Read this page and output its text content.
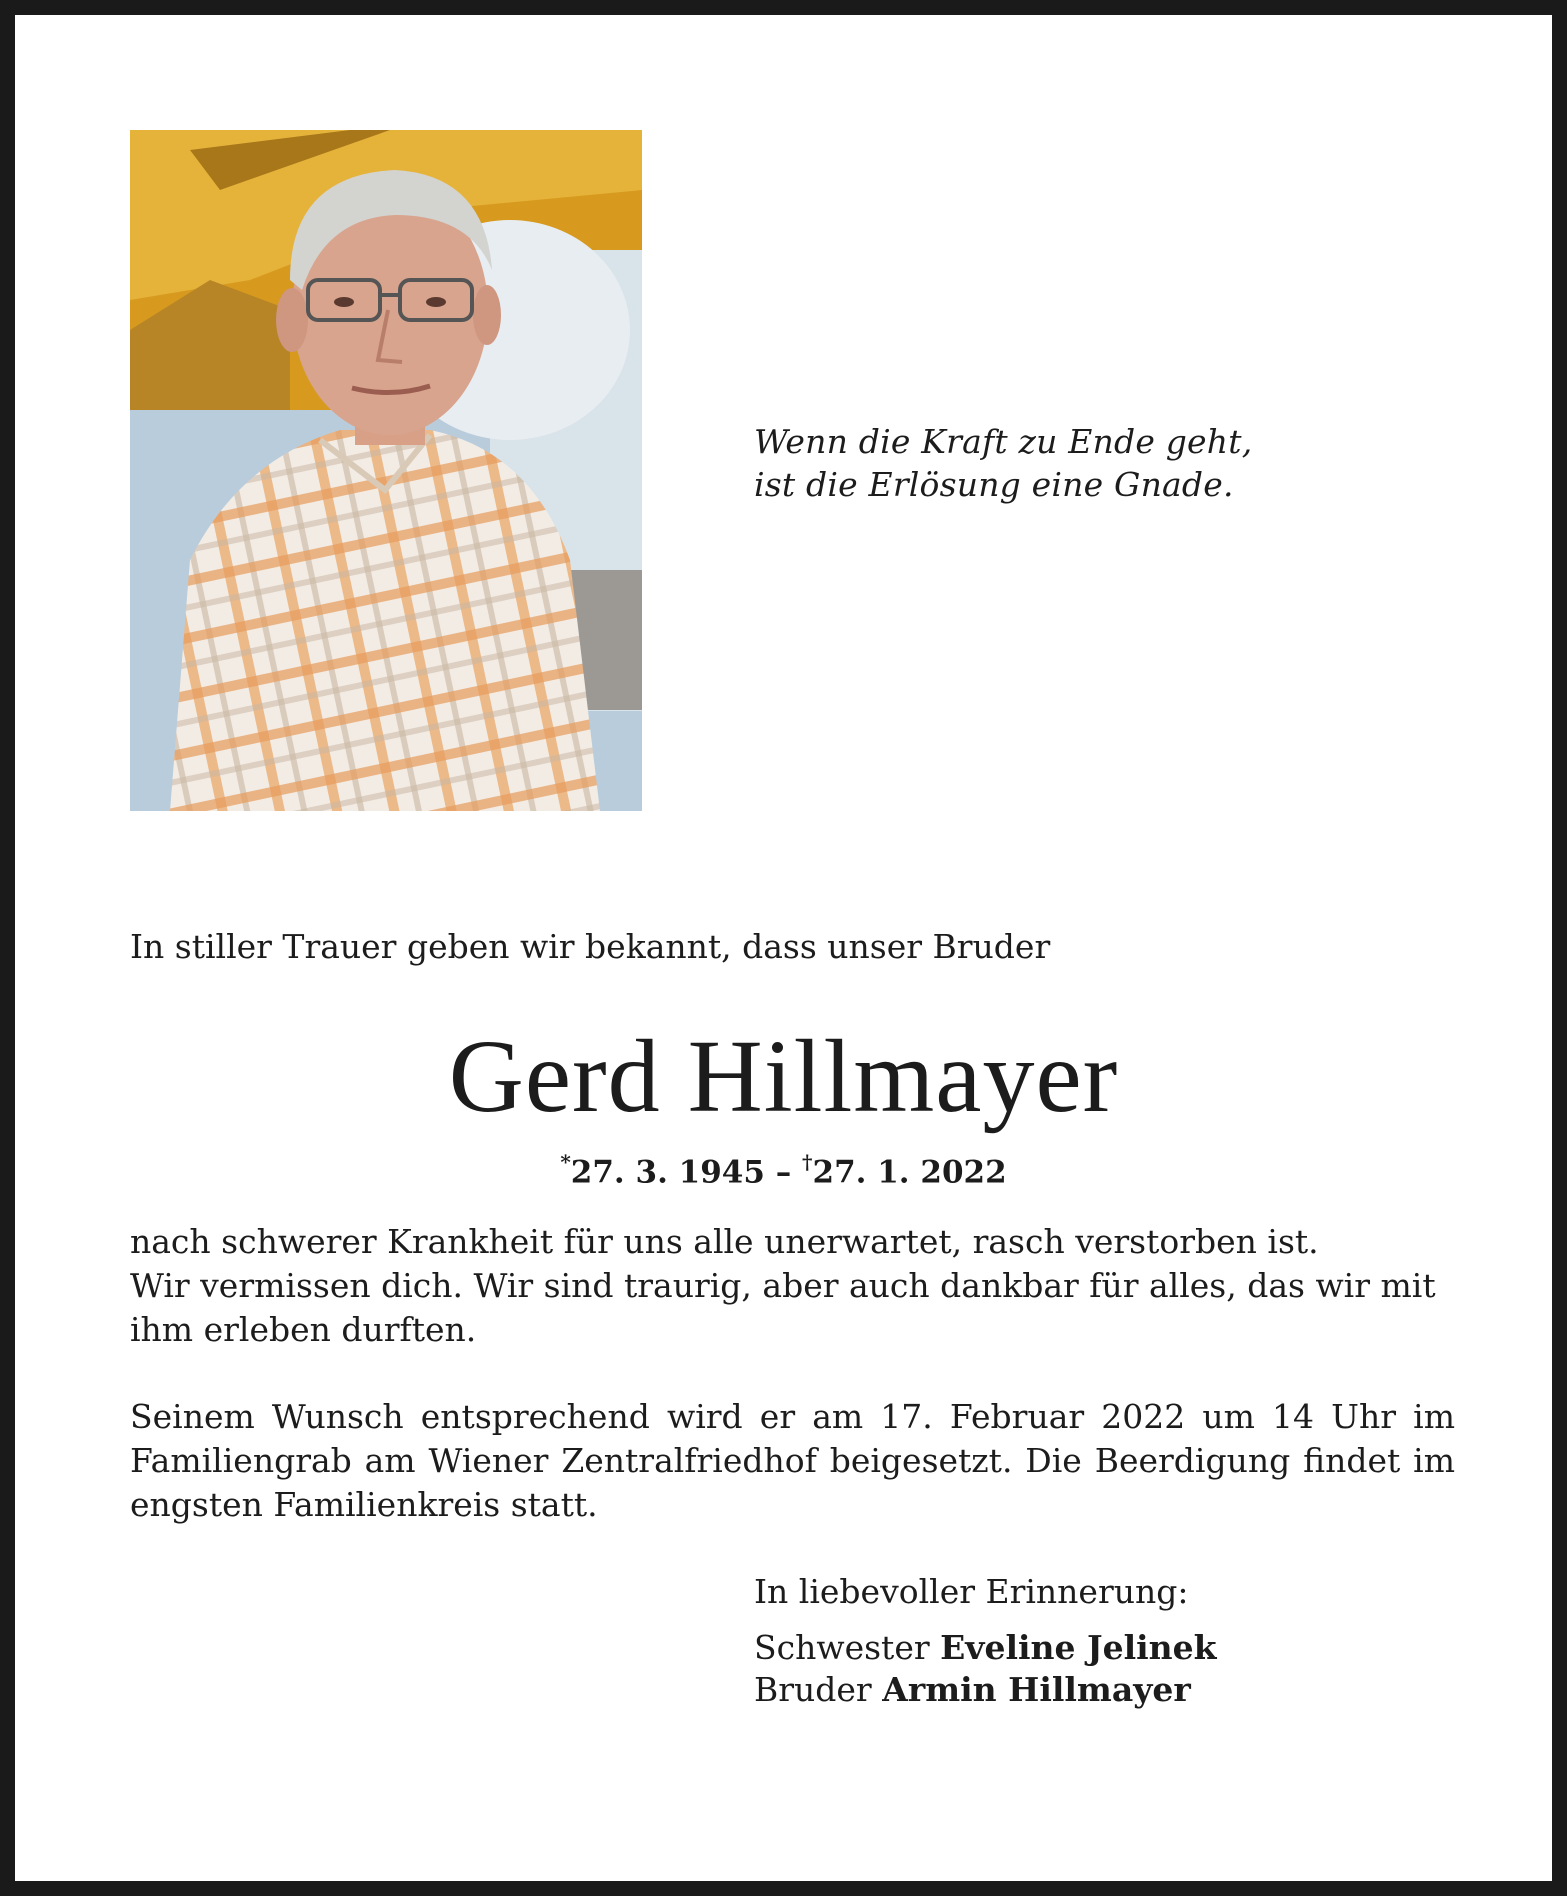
Wenn die Kraft zu Ende geht,
ist die Erlösung eine Gnade.
In stiller Trauer geben wir bekannt, dass unser Bruder
Gerd Hillmayer
*27. 3. 1945 – †27. 1. 2022
nach schwerer Krankheit für uns alle unerwartet, rasch verstorben ist.
Wir vermissen dich. Wir sind traurig, aber auch dankbar für alles, das wir mit
ihm erleben durften.
Seinem Wunsch entsprechend wird er am 17. Februar 2022 um 14 Uhr im Familiengrab am Wiener Zentralfriedhof beigesetzt. Die Beerdigung findet im engsten Familienkreis statt.
In liebevoller Erinnerung:
Schwester Eveline Jelinek
Bruder Armin Hillmayer
